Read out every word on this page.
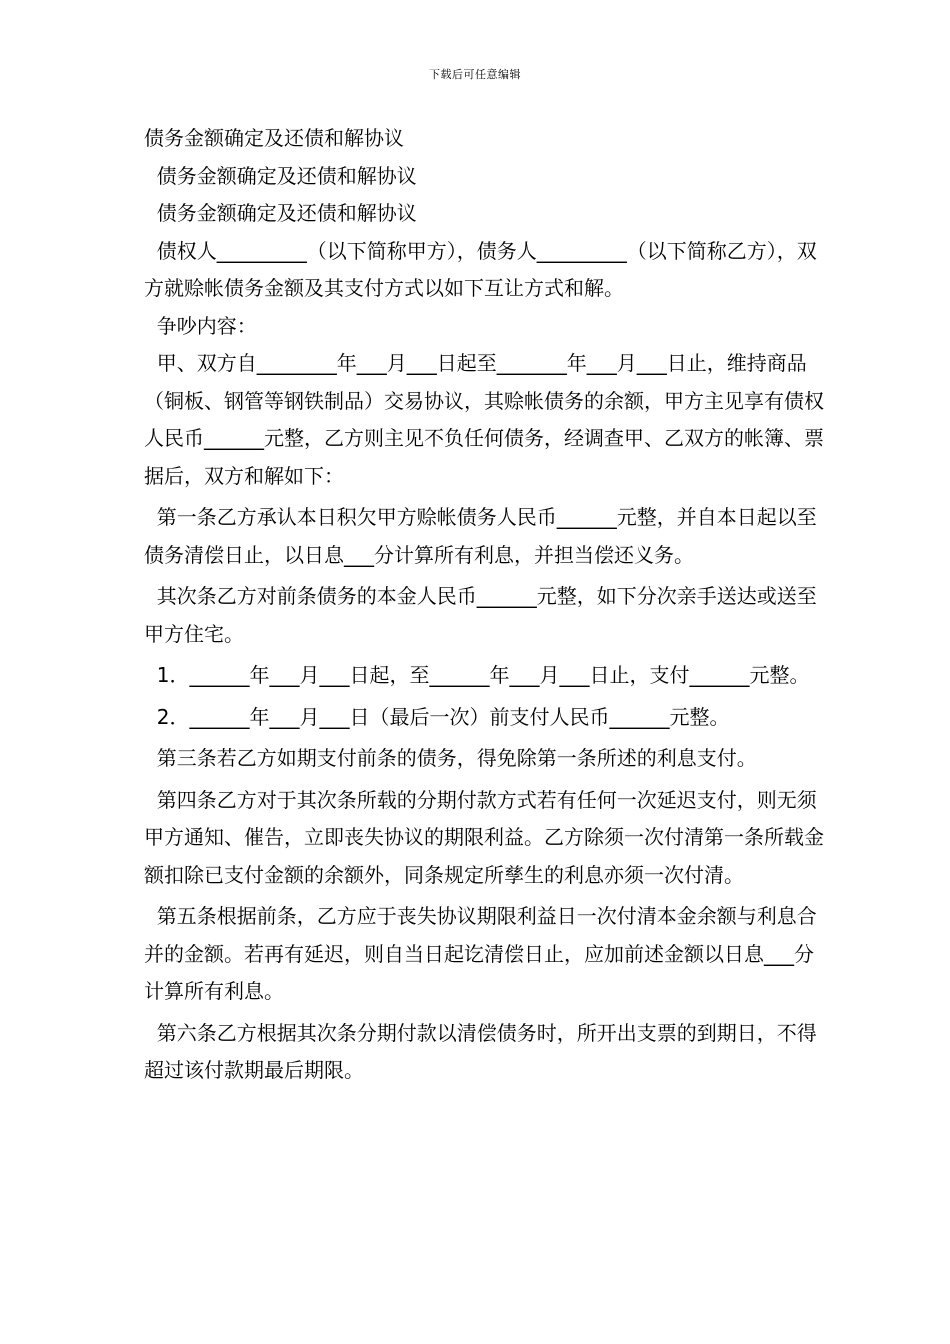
下载后可任意编辑

债务金额确定及还债和解协议

债务金额确定及还债和解协议

债务金额确定及还债和解协议

债权人_________（以下简称甲方），债务人_________（以下简称乙方），双方就赊帐债务金额及其支付方式以如下互让方式和解。

争吵内容：

甲、双方自________年___月___日起至_______年___月___日止，维持商品（铜板、钢管等钢铁制品）交易协议，其赊帐债务的余额，甲方主见享有债权人民币______元整，乙方则主见不负任何债务，经调查甲、乙双方的帐簿、票据后，双方和解如下：

第一条乙方承认本日积欠甲方赊帐债务人民币______元整，并自本日起以至债务清偿日止，以日息___分计算所有利息，并担当偿还义务。

其次条乙方对前条债务的本金人民币______元整，如下分次亲手送达或送至甲方住宅。

1．______年___月___日起，至______年___月___日止，支付______元整。

2．______年___月___日（最后一次）前支付人民币______元整。

第三条若乙方如期支付前条的债务，得免除第一条所述的利息支付。

第四条乙方对于其次条所载的分期付款方式若有任何一次延迟支付，则无须甲方通知、催告，立即丧失协议的期限利益。乙方除须一次付清第一条所载金额扣除已支付金额的余额外，同条规定所孳生的利息亦须一次付清。

第五条根据前条，乙方应于丧失协议期限利益日一次付清本金余额与利息合并的金额。若再有延迟，则自当日起讫清偿日止，应加前述金额以日息___分计算所有利息。

第六条乙方根据其次条分期付款以清偿债务时，所开出支票的到期日，不得超过该付款期最后期限。
